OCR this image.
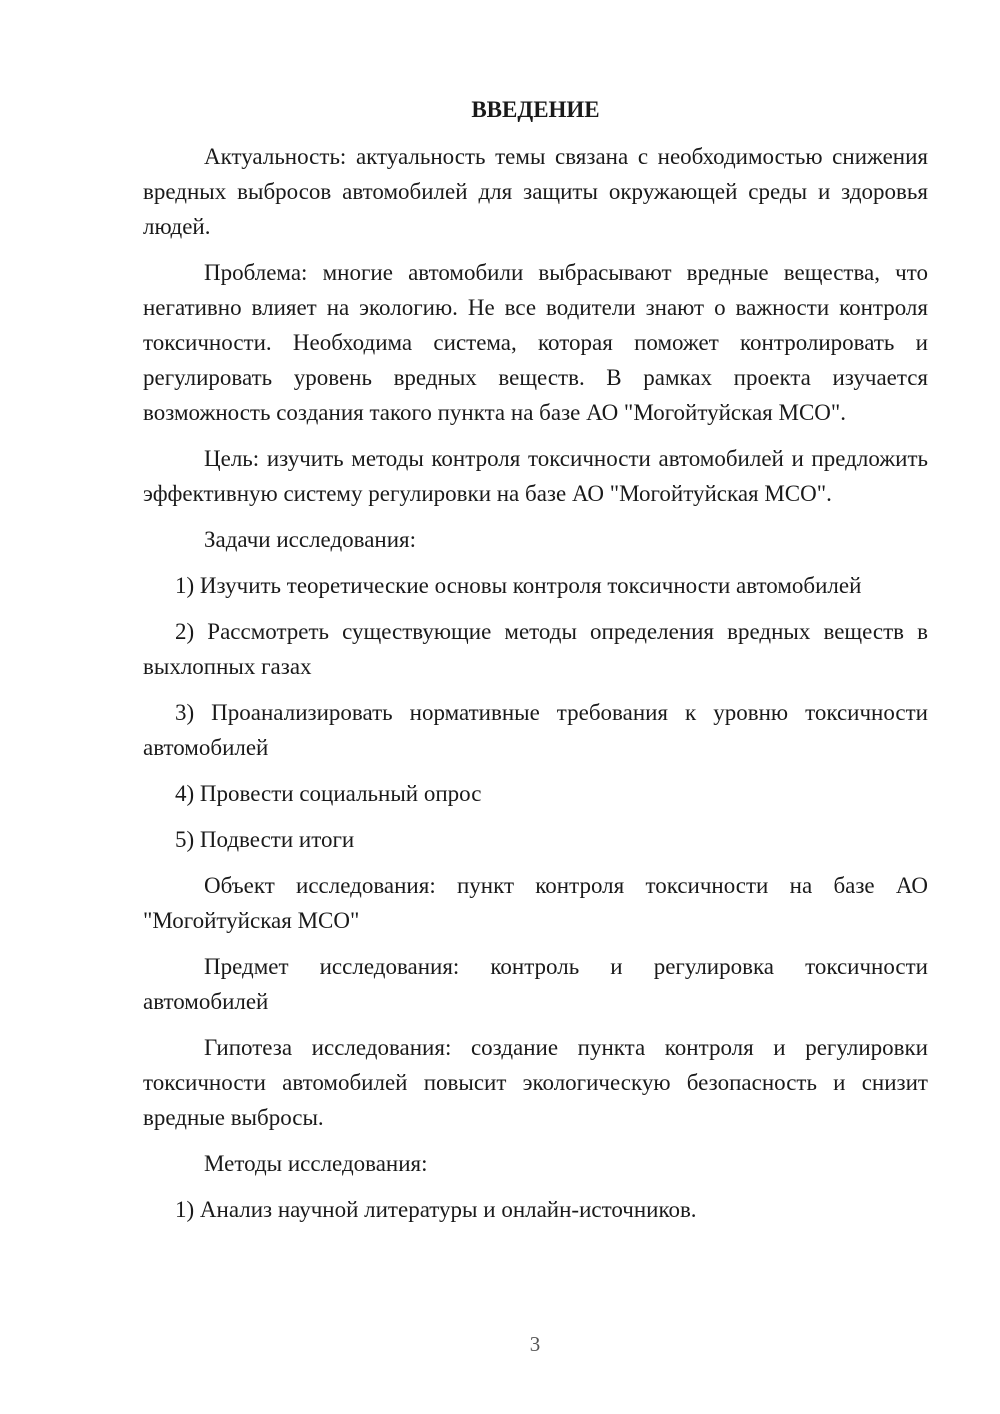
ВВЕДЕНИЕ

Актуальность: актуальность темы связана с необходимостью снижения вредных выбросов автомобилей для защиты окружающей среды и здоровья людей.

Проблема: многие автомобили выбрасывают вредные вещества, что негативно влияет на экологию. Не все водители знают о важности контроля токсичности. Необходима система, которая поможет контролировать и регулировать уровень вредных веществ. В рамках проекта изучается возможность создания такого пункта на базе АО "Могойтуйская МСО".

Цель: изучить методы контроля токсичности автомобилей и предложить эффективную систему регулировки на базе АО "Могойтуйская МСО".

Задачи исследования:

1) Изучить теоретические основы контроля токсичности автомобилей

2) Рассмотреть существующие методы определения вредных веществ в выхлопных газах

3) Проанализировать нормативные требования к уровню токсичности автомобилей

4) Провести социальный опрос

5) Подвести итоги

Объект исследования: пункт контроля токсичности на базе АО "Могойтуйская МСО"

Предмет исследования: контроль и регулировка токсичности автомобилей

Гипотеза исследования: создание пункта контроля и регулировки токсичности автомобилей повысит экологическую безопасность и снизит вредные выбросы.

Методы исследования:

1) Анализ научной литературы и онлайн-источников.

3
